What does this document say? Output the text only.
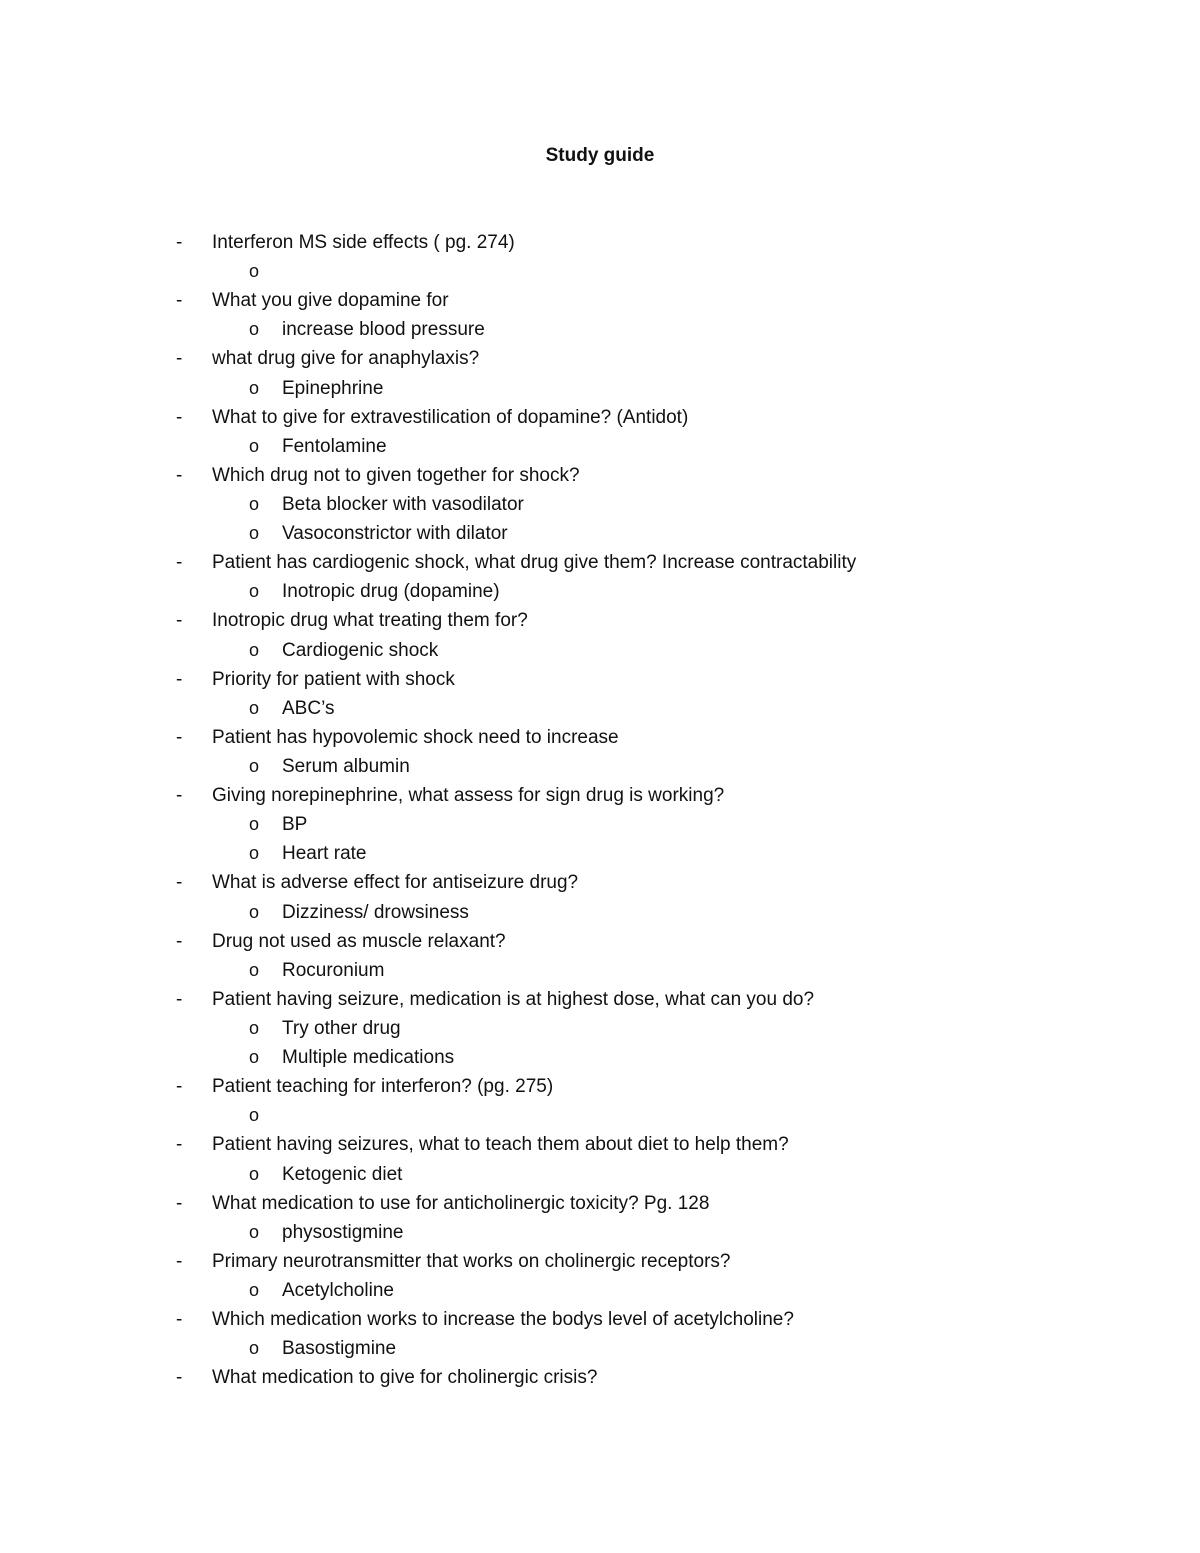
Study guide
- Interferon MS side effects ( pg. 274)
o
- What you give dopamine for
o increase blood pressure
- what drug give for anaphylaxis?
o Epinephrine
- What to give for extravestilication of dopamine? (Antidot)
o Fentolamine
- Which drug not to given together for shock?
o Beta blocker with vasodilator
o Vasoconstrictor with dilator
- Patient has cardiogenic shock, what drug give them? Increase contractability
o Inotropic drug (dopamine)
- Inotropic drug what treating them for?
o Cardiogenic shock
- Priority for patient with shock
o ABC’s
- Patient has hypovolemic shock need to increase
o Serum albumin
- Giving norepinephrine, what assess for sign drug is working?
o BP
o Heart rate
- What is adverse effect for antiseizure drug?
o Dizziness/ drowsiness
- Drug not used as muscle relaxant?
o Rocuronium
- Patient having seizure, medication is at highest dose, what can you do?
o Try other drug
o Multiple medications
- Patient teaching for interferon? (pg. 275)
o
- Patient having seizures, what to teach them about diet to help them?
o Ketogenic diet
- What medication to use for anticholinergic toxicity? Pg. 128
o physostigmine
- Primary neurotransmitter that works on cholinergic receptors?
o Acetylcholine
- Which medication works to increase the bodys level of acetylcholine?
o Basostigmine
- What medication to give for cholinergic crisis?
